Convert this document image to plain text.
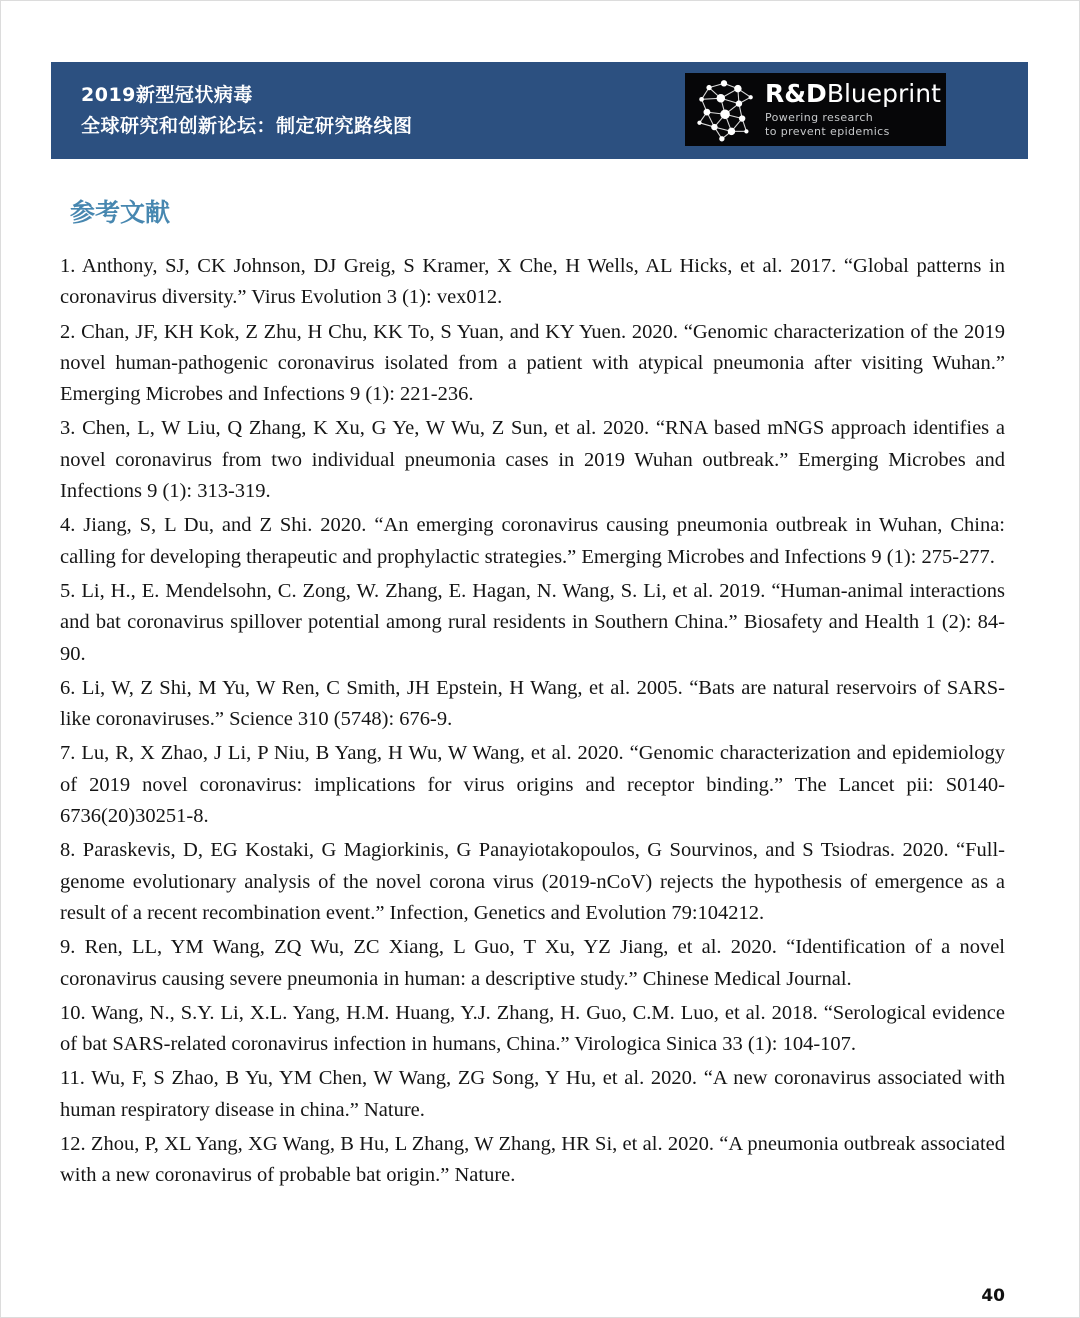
2019新型冠状病毒
全球研究和创新论坛：制定研究路线图
R&DBlueprint
Powering research
to prevent epidemics
参考文献

1. Anthony, SJ, CK Johnson, DJ Greig, S Kramer, X Che, H Wells, AL Hicks, et al. 2017. “Global patterns in coronavirus diversity.” Virus Evolution 3 (1): vex012.

2. Chan, JF, KH Kok, Z Zhu, H Chu, KK To, S Yuan, and KY Yuen. 2020. “Genomic characterization of the 2019 novel human-pathogenic coronavirus isolated from a patient with atypical pneumonia after visiting Wuhan.” Emerging Microbes and Infections 9 (1): 221-236.

3. Chen, L, W Liu, Q Zhang, K Xu, G Ye, W Wu, Z Sun, et al. 2020. “RNA based mNGS approach identifies a novel coronavirus from two individual pneumonia cases in 2019 Wuhan outbreak.” Emerging Microbes and Infections 9 (1): 313-319.

4. Jiang, S, L Du, and Z Shi. 2020. “An emerging coronavirus causing pneumonia outbreak in Wuhan, China: calling for developing therapeutic and prophylactic strategies.” Emerging Microbes and Infections 9 (1): 275-277.

5. Li, H., E. Mendelsohn, C. Zong, W. Zhang, E. Hagan, N. Wang, S. Li, et al. 2019. “Human-animal interactions and bat coronavirus spillover potential among rural residents in Southern China.” Biosafety and Health 1 (2): 84-90.

6. Li, W, Z Shi, M Yu, W Ren, C Smith, JH Epstein, H Wang, et al. 2005. “Bats are natural reservoirs of SARS-like coronaviruses.” Science 310 (5748): 676-9.

7. Lu, R, X Zhao, J Li, P Niu, B Yang, H Wu, W Wang, et al. 2020. “Genomic characterization and epidemiology of 2019 novel coronavirus: implications for virus origins and receptor binding.” The Lancet pii: S0140-6736(20)30251-8.

8. Paraskevis, D, EG Kostaki, G Magiorkinis, G Panayiotakopoulos, G Sourvinos, and S Tsiodras. 2020. “Full-genome evolutionary analysis of the novel corona virus (2019-nCoV) rejects the hypothesis of emergence as a result of a recent recombination event.” Infection, Genetics and Evolution 79:104212.

9. Ren, LL, YM Wang, ZQ Wu, ZC Xiang, L Guo, T Xu, YZ Jiang, et al. 2020. “Identification of a novel coronavirus causing severe pneumonia in human: a descriptive study.” Chinese Medical Journal.

10. Wang, N., S.Y. Li, X.L. Yang, H.M. Huang, Y.J. Zhang, H. Guo, C.M. Luo, et al. 2018. “Serological evidence of bat SARS-related coronavirus infection in humans, China.” Virologica Sinica 33 (1): 104-107.

11. Wu, F, S Zhao, B Yu, YM Chen, W Wang, ZG Song, Y Hu, et al. 2020. “A new coronavirus associated with human respiratory disease in china.” Nature.

12. Zhou, P, XL Yang, XG Wang, B Hu, L Zhang, W Zhang, HR Si, et al. 2020. “A pneumonia outbreak associated with a new coronavirus of probable bat origin.” Nature.

40
